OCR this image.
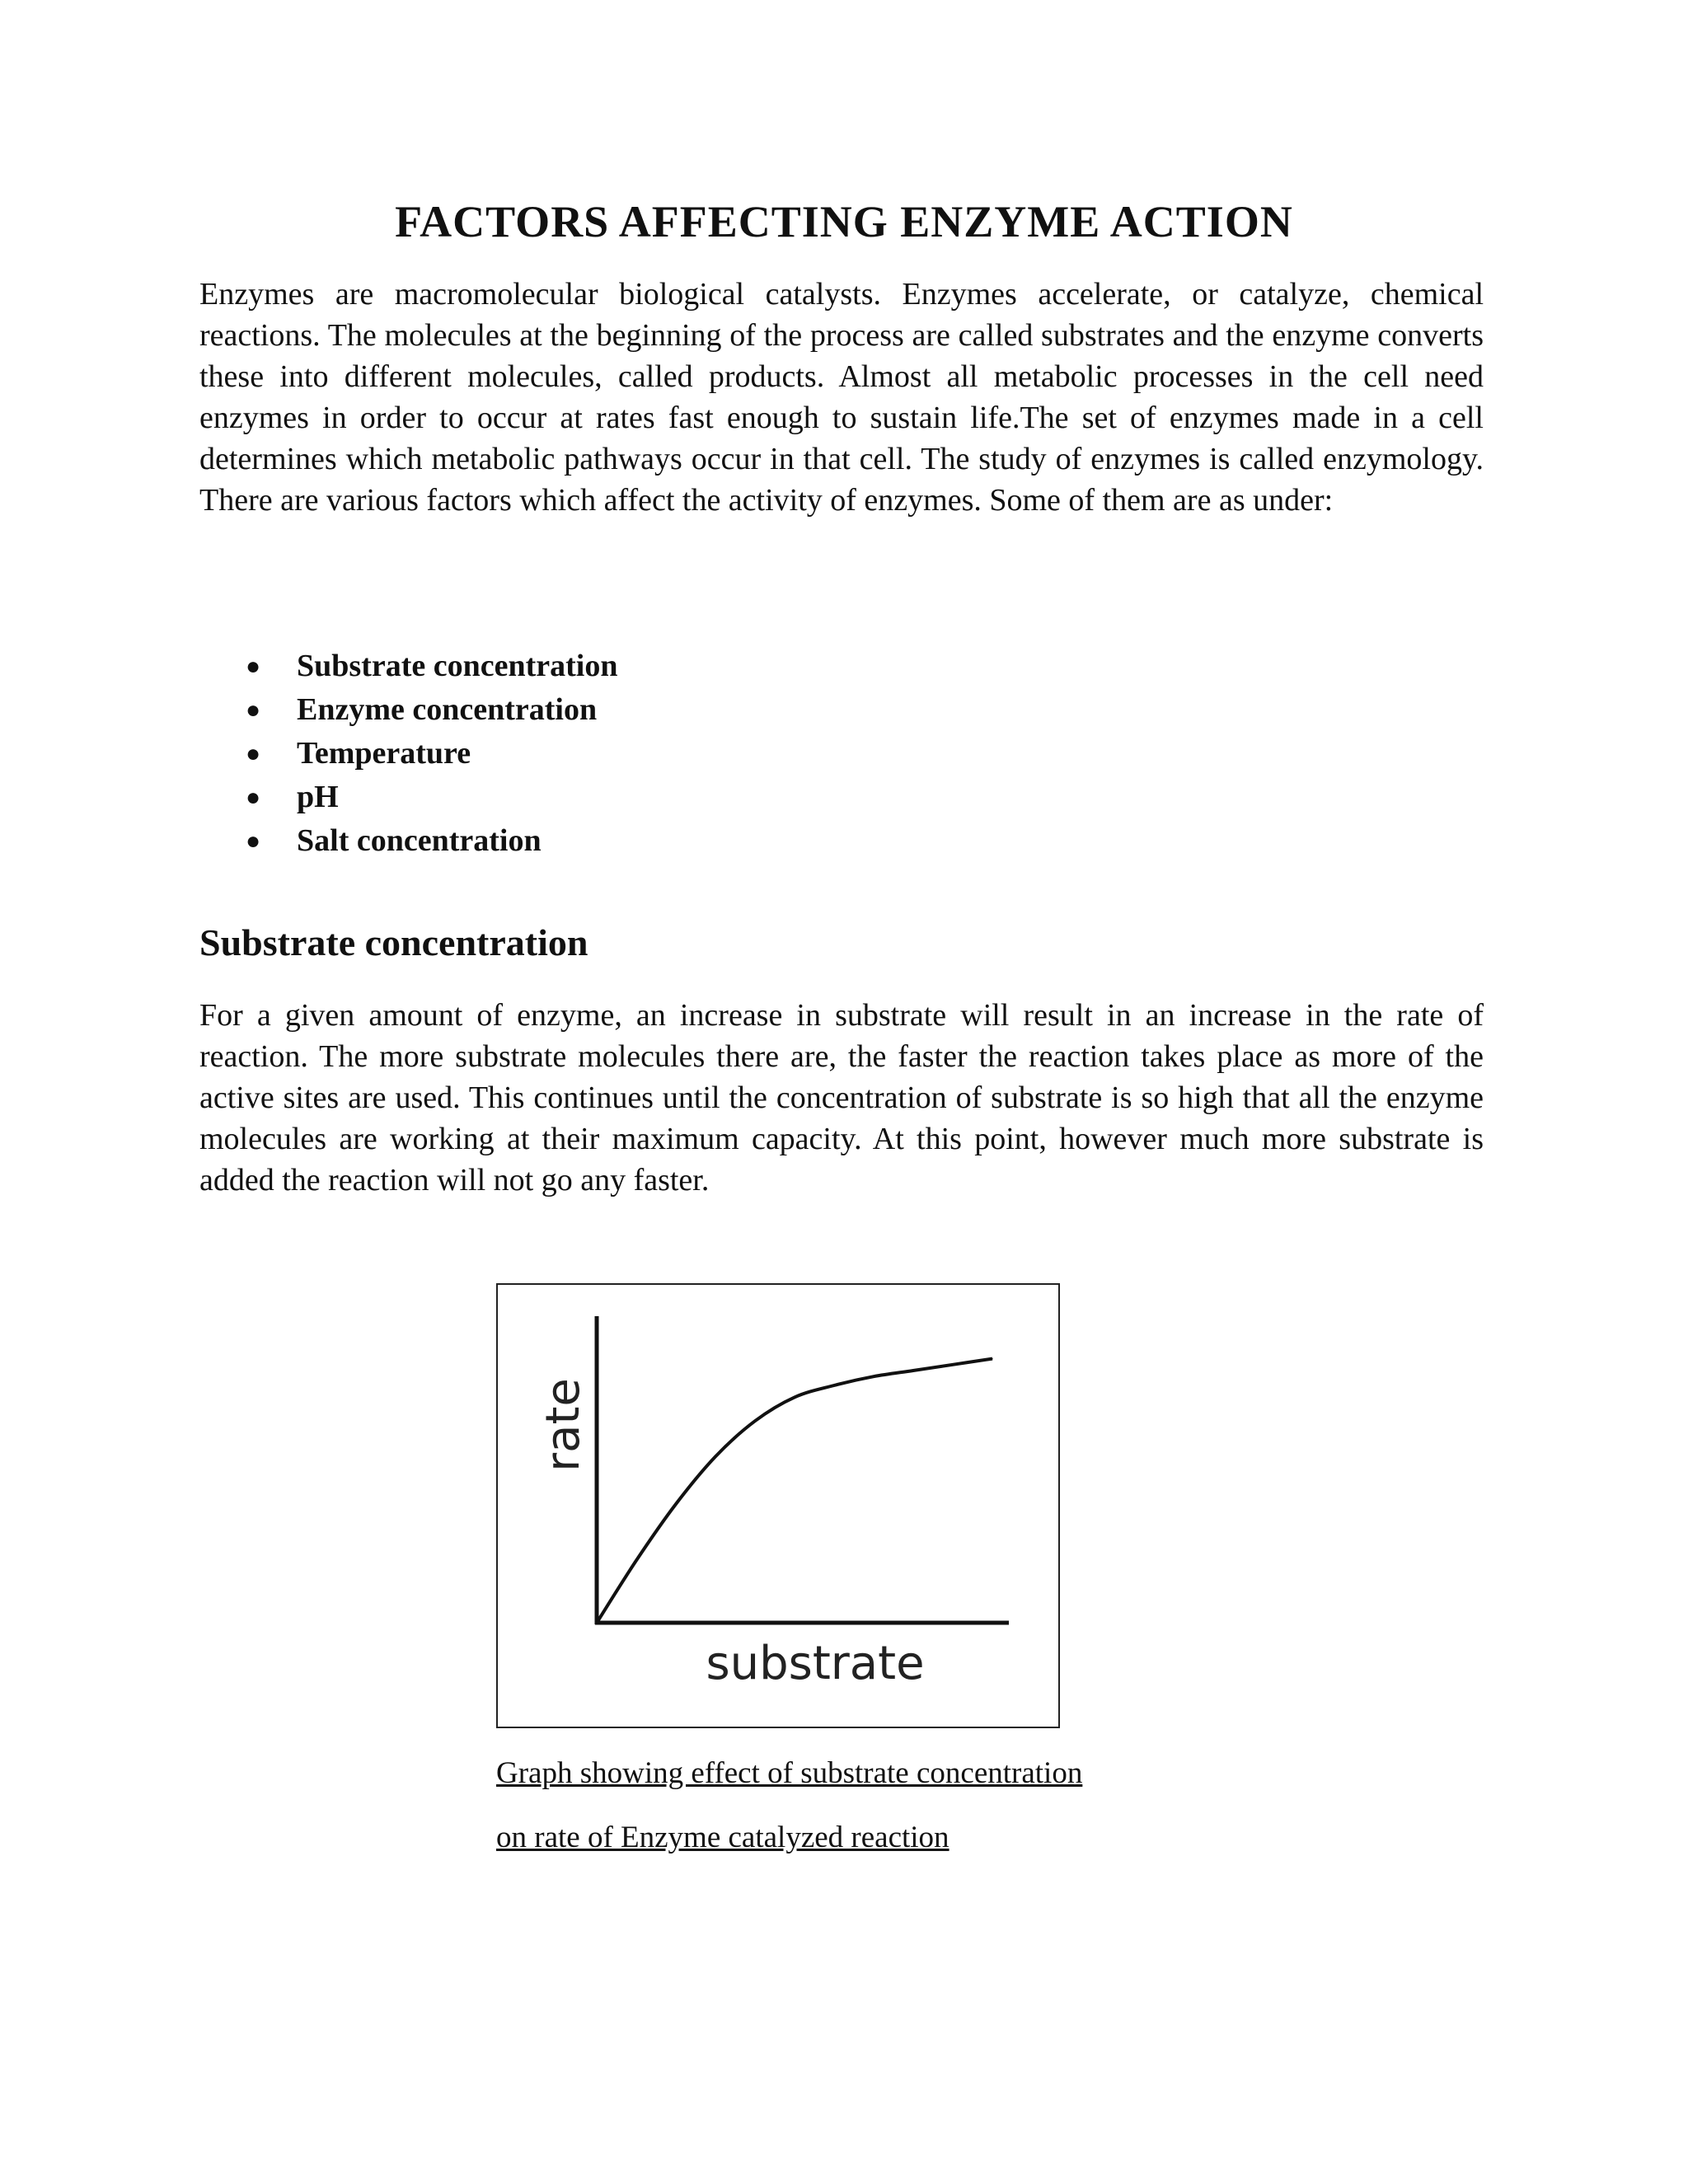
FACTORS AFFECTING ENZYME ACTION

Enzymes are macromolecular biological catalysts. Enzymes accelerate, or catalyze, chemical reactions. The molecules at the beginning of the process are called substrates and the enzyme converts these into different molecules, called products. Almost all metabolic processes in the cell need enzymes in order to occur at rates fast enough to sustain life.The set of enzymes made in a cell determines which metabolic pathways occur in that cell. The study of enzymes is called enzymology. There are various factors which affect the activity of enzymes. Some of them are as under:

● Substrate concentration
● Enzyme concentration
● Temperature
● pH
● Salt concentration
Substrate concentration

For a given amount of enzyme, an increase in substrate will result in an increase in the rate of reaction. The more substrate molecules there are, the faster the reaction takes place as more of the active sites are used. This continues until the concentration of substrate is so high that all the enzyme molecules are working at their maximum capacity. At this point, however much more substrate is added the reaction will not go any faster.

rate
substrate

Graph showing effect of substrate concentration

on rate of Enzyme catalyzed reaction
